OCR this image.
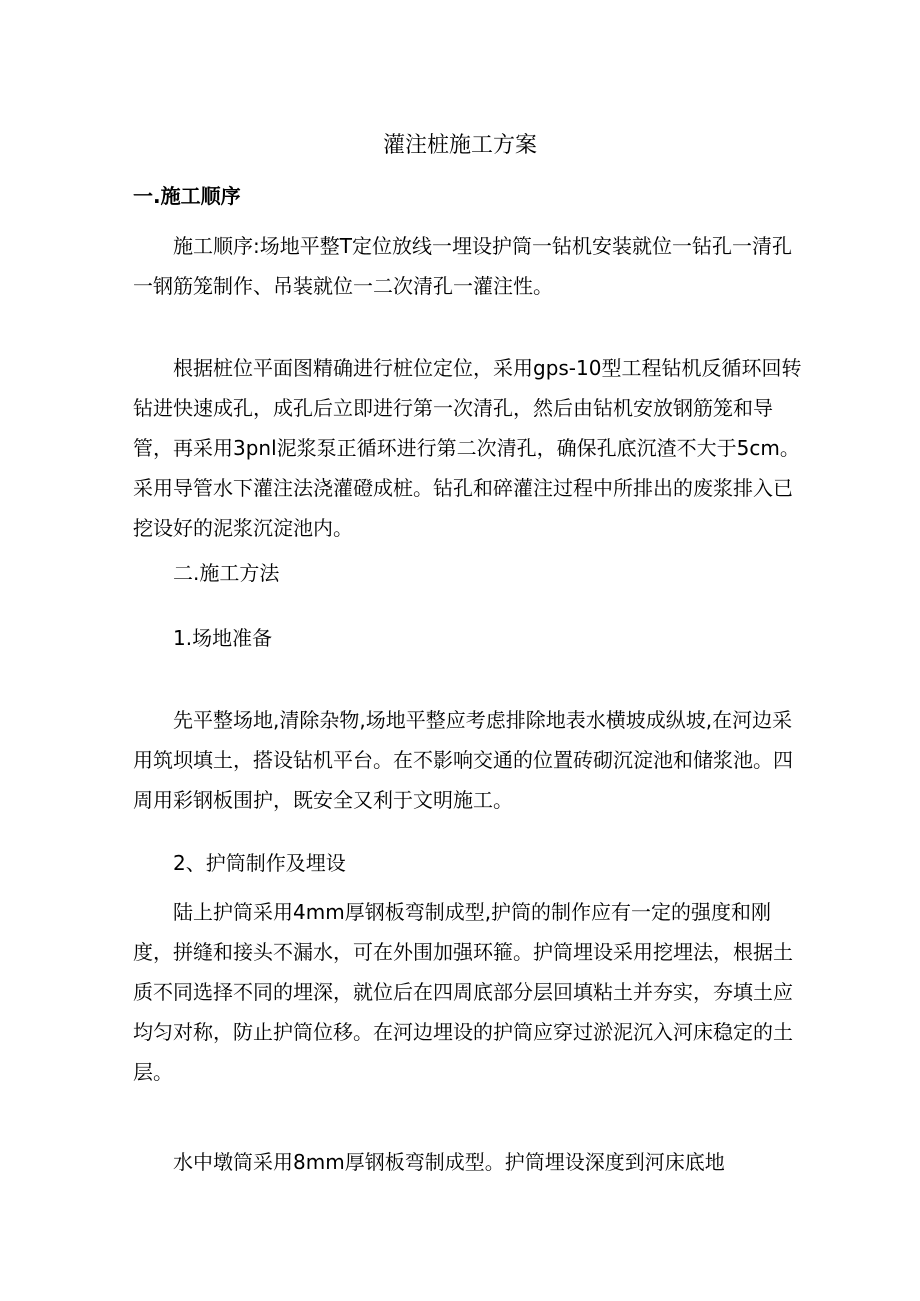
灌注桩施工方案
一.施工顺序

施工顺序:场地平整T定位放线一埋设护筒一钻机安装就位一钻孔一清孔一钢筋笼制作、吊装就位一二次清孔一灌注性。

根据桩位平面图精确进行桩位定位，采用gps-10型工程钻机反循环回转钻进快速成孔，成孔后立即进行第一次清孔，然后由钻机安放钢筋笼和导管，再采用3pnl泥浆泵正循环进行第二次清孔，确保孔底沉渣不大于5cm。采用导管水下灌注法浇灌磴成桩。钻孔和碎灌注过程中所排出的废浆排入已挖设好的泥浆沉淀池内。

二.施工方法
1.场地准备

先平整场地,清除杂物,场地平整应考虑排除地表水横坡成纵坡,在河边采用筑坝填土，搭设钻机平台。在不影响交通的位置砖砌沉淀池和储浆池。四周用彩钢板围护，既安全又利于文明施工。

2、护筒制作及埋设

陆上护筒采用4mm厚钢板弯制成型,护筒的制作应有一定的强度和刚度，拼缝和接头不漏水，可在外围加强环箍。护筒埋设采用挖埋法，根据土质不同选择不同的埋深，就位后在四周底部分层回填粘土并夯实，夯填土应均匀对称，防止护筒位移。在河边埋设的护筒应穿过淤泥沉入河床稳定的土层。

水中墩筒采用8mm厚钢板弯制成型。护筒埋设深度到河床底地
